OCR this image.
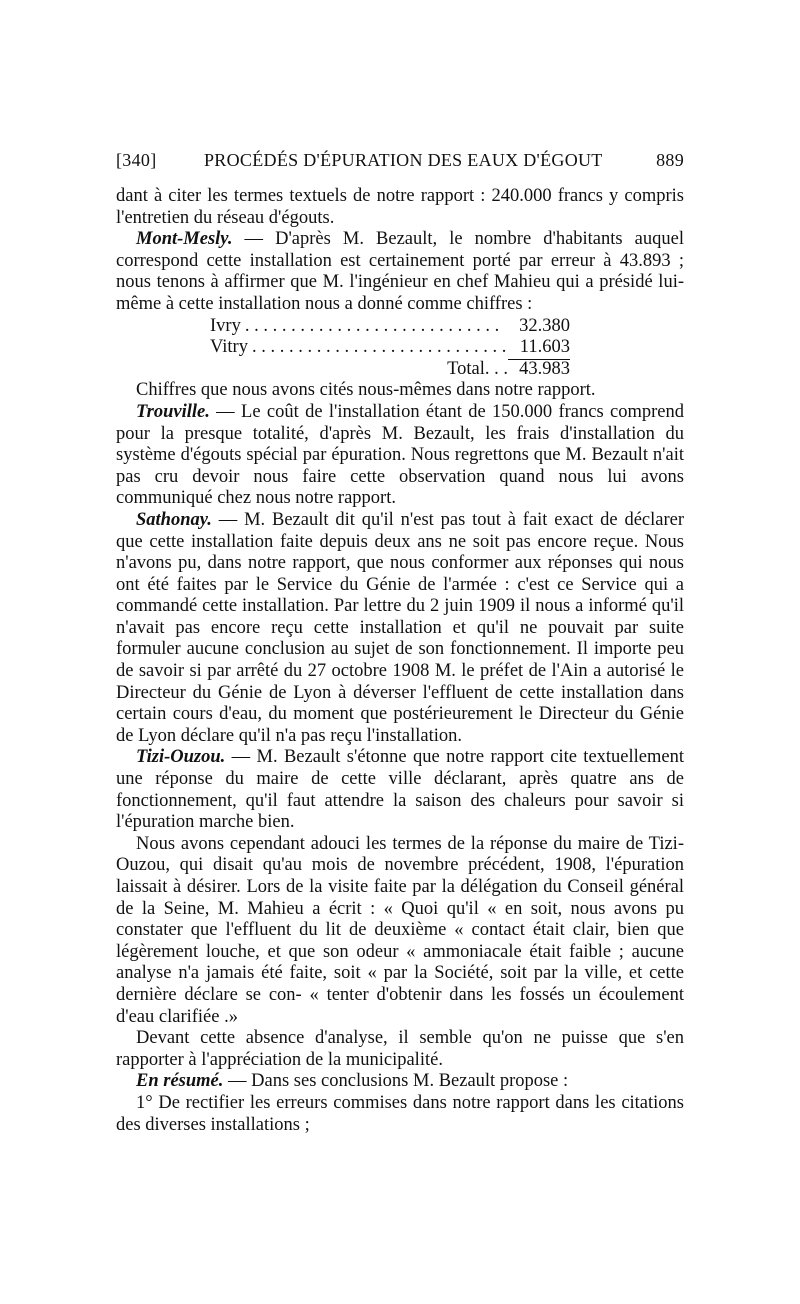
[340]	PROCÉDÉS D'ÉPURATION DES EAUX D'ÉGOUT	889

dant à citer les termes textuels de notre rapport : 240.000 francs y compris l'entretien du réseau d'égouts.

Mont-Mesly. — D'après M. Bezault, le nombre d'habitants auquel correspond cette installation est certainement porté par erreur à 43.893 ; nous tenons à affirmer que M. l'ingénieur en chef Mahieu qui a présidé lui-même à cette installation nous a donné comme chiffres :

Ivry . . . . . . . . . . . . . . . . . . . . . . . . . . . .	32.380
Vitry . . . . . . . . . . . . . . . . . . . . . . . . . . . . 11.603
Total. . . 43.983

Chiffres que nous avons cités nous-mêmes dans notre rapport.

Trouville. — Le coût de l'installation étant de 150.000 francs comprend pour la presque totalité, d'après M. Bezault, les frais d'installation du système d'égouts spécial par épuration. Nous regrettons que M. Bezault n'ait pas cru devoir nous faire cette observation quand nous lui avons communiqué chez nous notre rapport.

Sathonay. — M. Bezault dit qu'il n'est pas tout à fait exact de déclarer que cette installation faite depuis deux ans ne soit pas encore reçue. Nous n'avons pu, dans notre rapport, que nous conformer aux réponses qui nous ont été faites par le Service du Génie de l'armée : c'est ce Service qui a commandé cette installation. Par lettre du 2 juin 1909 il nous a informé qu'il n'avait pas encore reçu cette installation et qu'il ne pouvait par suite formuler aucune conclusion au sujet de son fonctionnement. Il importe peu de savoir si par arrêté du 27 octobre 1908 M. le préfet de l'Ain a autorisé le Directeur du Génie de Lyon à déverser l'effluent de cette installation dans certain cours d'eau, du moment que postérieurement le Directeur du Génie de Lyon déclare qu'il n'a pas reçu l'installation.

Tizi-Ouzou. — M. Bezault s'étonne que notre rapport cite textuellement une réponse du maire de cette ville déclarant, après quatre ans de fonctionnement, qu'il faut attendre la saison des chaleurs pour savoir si l'épuration marche bien.

Nous avons cependant adouci les termes de la réponse du maire de Tizi-Ouzou, qui disait qu'au mois de novembre précédent, 1908, l'épuration laissait à désirer. Lors de la visite faite par la délégation du Conseil général de la Seine, M. Mahieu a écrit : « Quoi qu'il « en soit, nous avons pu constater que l'effluent du lit de deuxième « contact était clair, bien que légèrement louche, et que son odeur « ammoniacale était faible ; aucune analyse n'a jamais été faite, soit « par la Société, soit par la ville, et cette dernière déclare se con- « tenter d'obtenir dans les fossés un écoulement d'eau clarifiée .»

Devant cette absence d'analyse, il semble qu'on ne puisse que s'en rapporter à l'appréciation de la municipalité.

En résumé. — Dans ses conclusions M. Bezault propose :

1° De rectifier les erreurs commises dans notre rapport dans les citations des diverses installations ;
